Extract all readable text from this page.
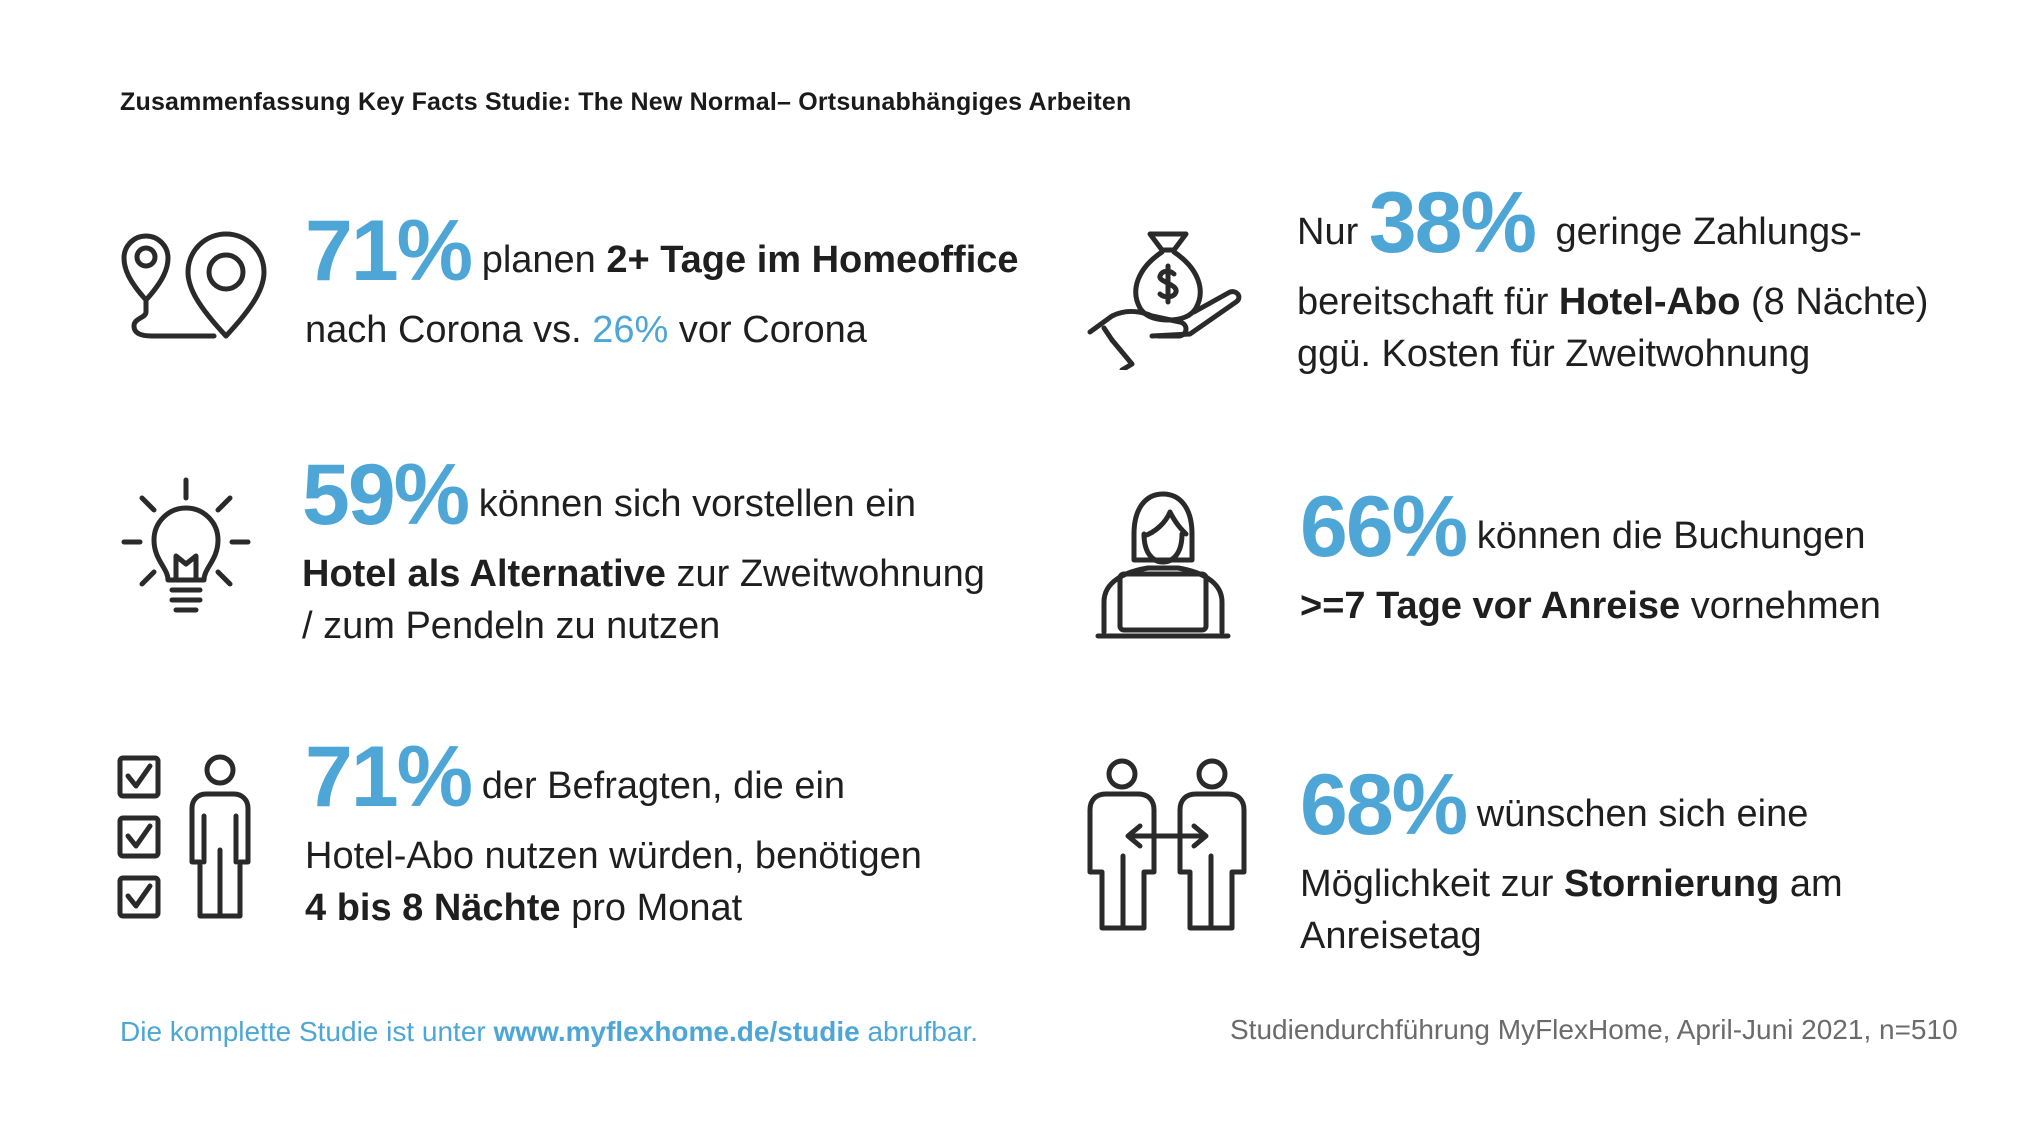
Zusammenfassung Key Facts Studie: The New Normal– Ortsunabhängiges Arbeiten
71% planen 2+ Tage im Homeoffice
nach Corona vs. 26% vor Corona
59% können sich vorstellen ein
Hotel als Alternative zur Zweitwohnung
/ zum Pendeln zu nutzen
71% der Befragten, die ein
Hotel-Abo nutzen würden, benötigen
4 bis 8 Nächte pro Monat
Nur 38% geringe Zahlungs-
bereitschaft für Hotel-Abo (8 Nächte)
ggü. Kosten für Zweitwohnung
66% können die Buchungen
>=7 Tage vor Anreise vornehmen
68% wünschen sich eine
Möglichkeit zur Stornierung am
Anreisetag
Die komplette Studie ist unter www.myflexhome.de/studie abrufbar.	Studiendurchführung MyFlexHome, April-Juni 2021, n=510
